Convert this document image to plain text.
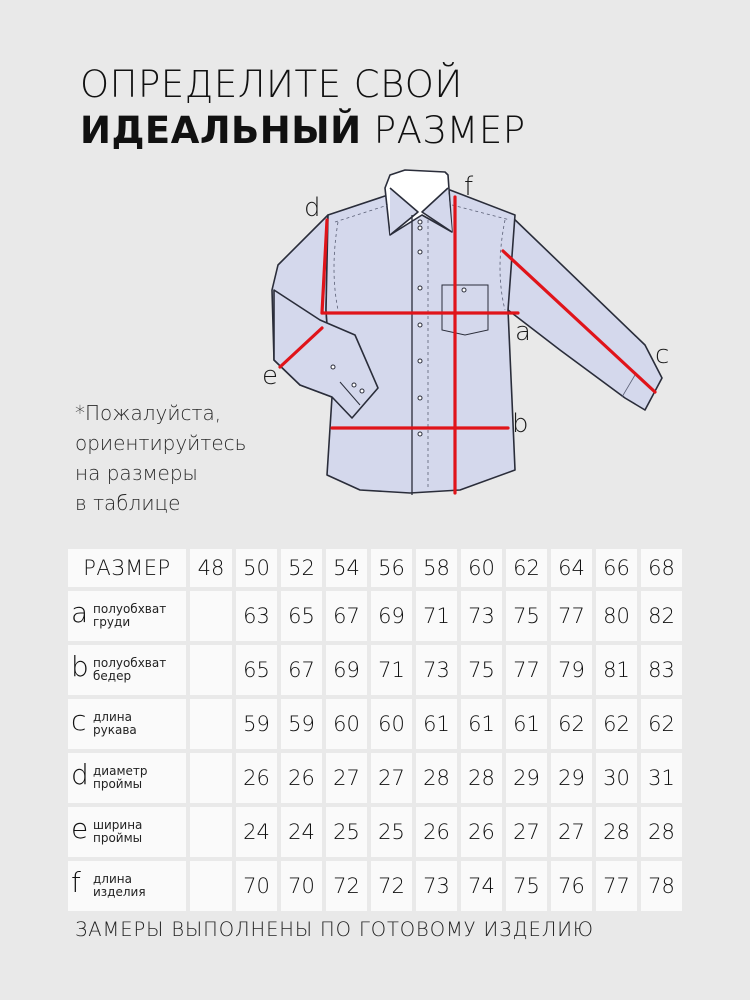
ОПРЕДЕЛИТЕ СВОЙ
ИДЕАЛЬНЫЙ РАЗМЕР
*Пожалуйста,
ориентируйтесь
на размеры
в таблице
d
f
a
c
e
b
РАЗМЕР	48	50	52	54	56	58	60	62	64	66	68

a полуобхват
груди		63	65	67	69	71	73	75	77	80	82

b полуобхват
бедер		65	67	69	71	73	75	77	79	81	83

c длина
рукава		59	59	60	60	61	61	61	62	62	62

d диаметр
проймы		26	26	27	27	28	28	29	29	30	31

e ширина
проймы		24	24	25	25	26	26	27	27	28	28

f длина
изделия		70	70	72	72	73	74	75	76	77	78
ЗАМЕРЫ ВЫПОЛНЕНЫ ПО ГОТОВОМУ ИЗДЕЛИЮ
